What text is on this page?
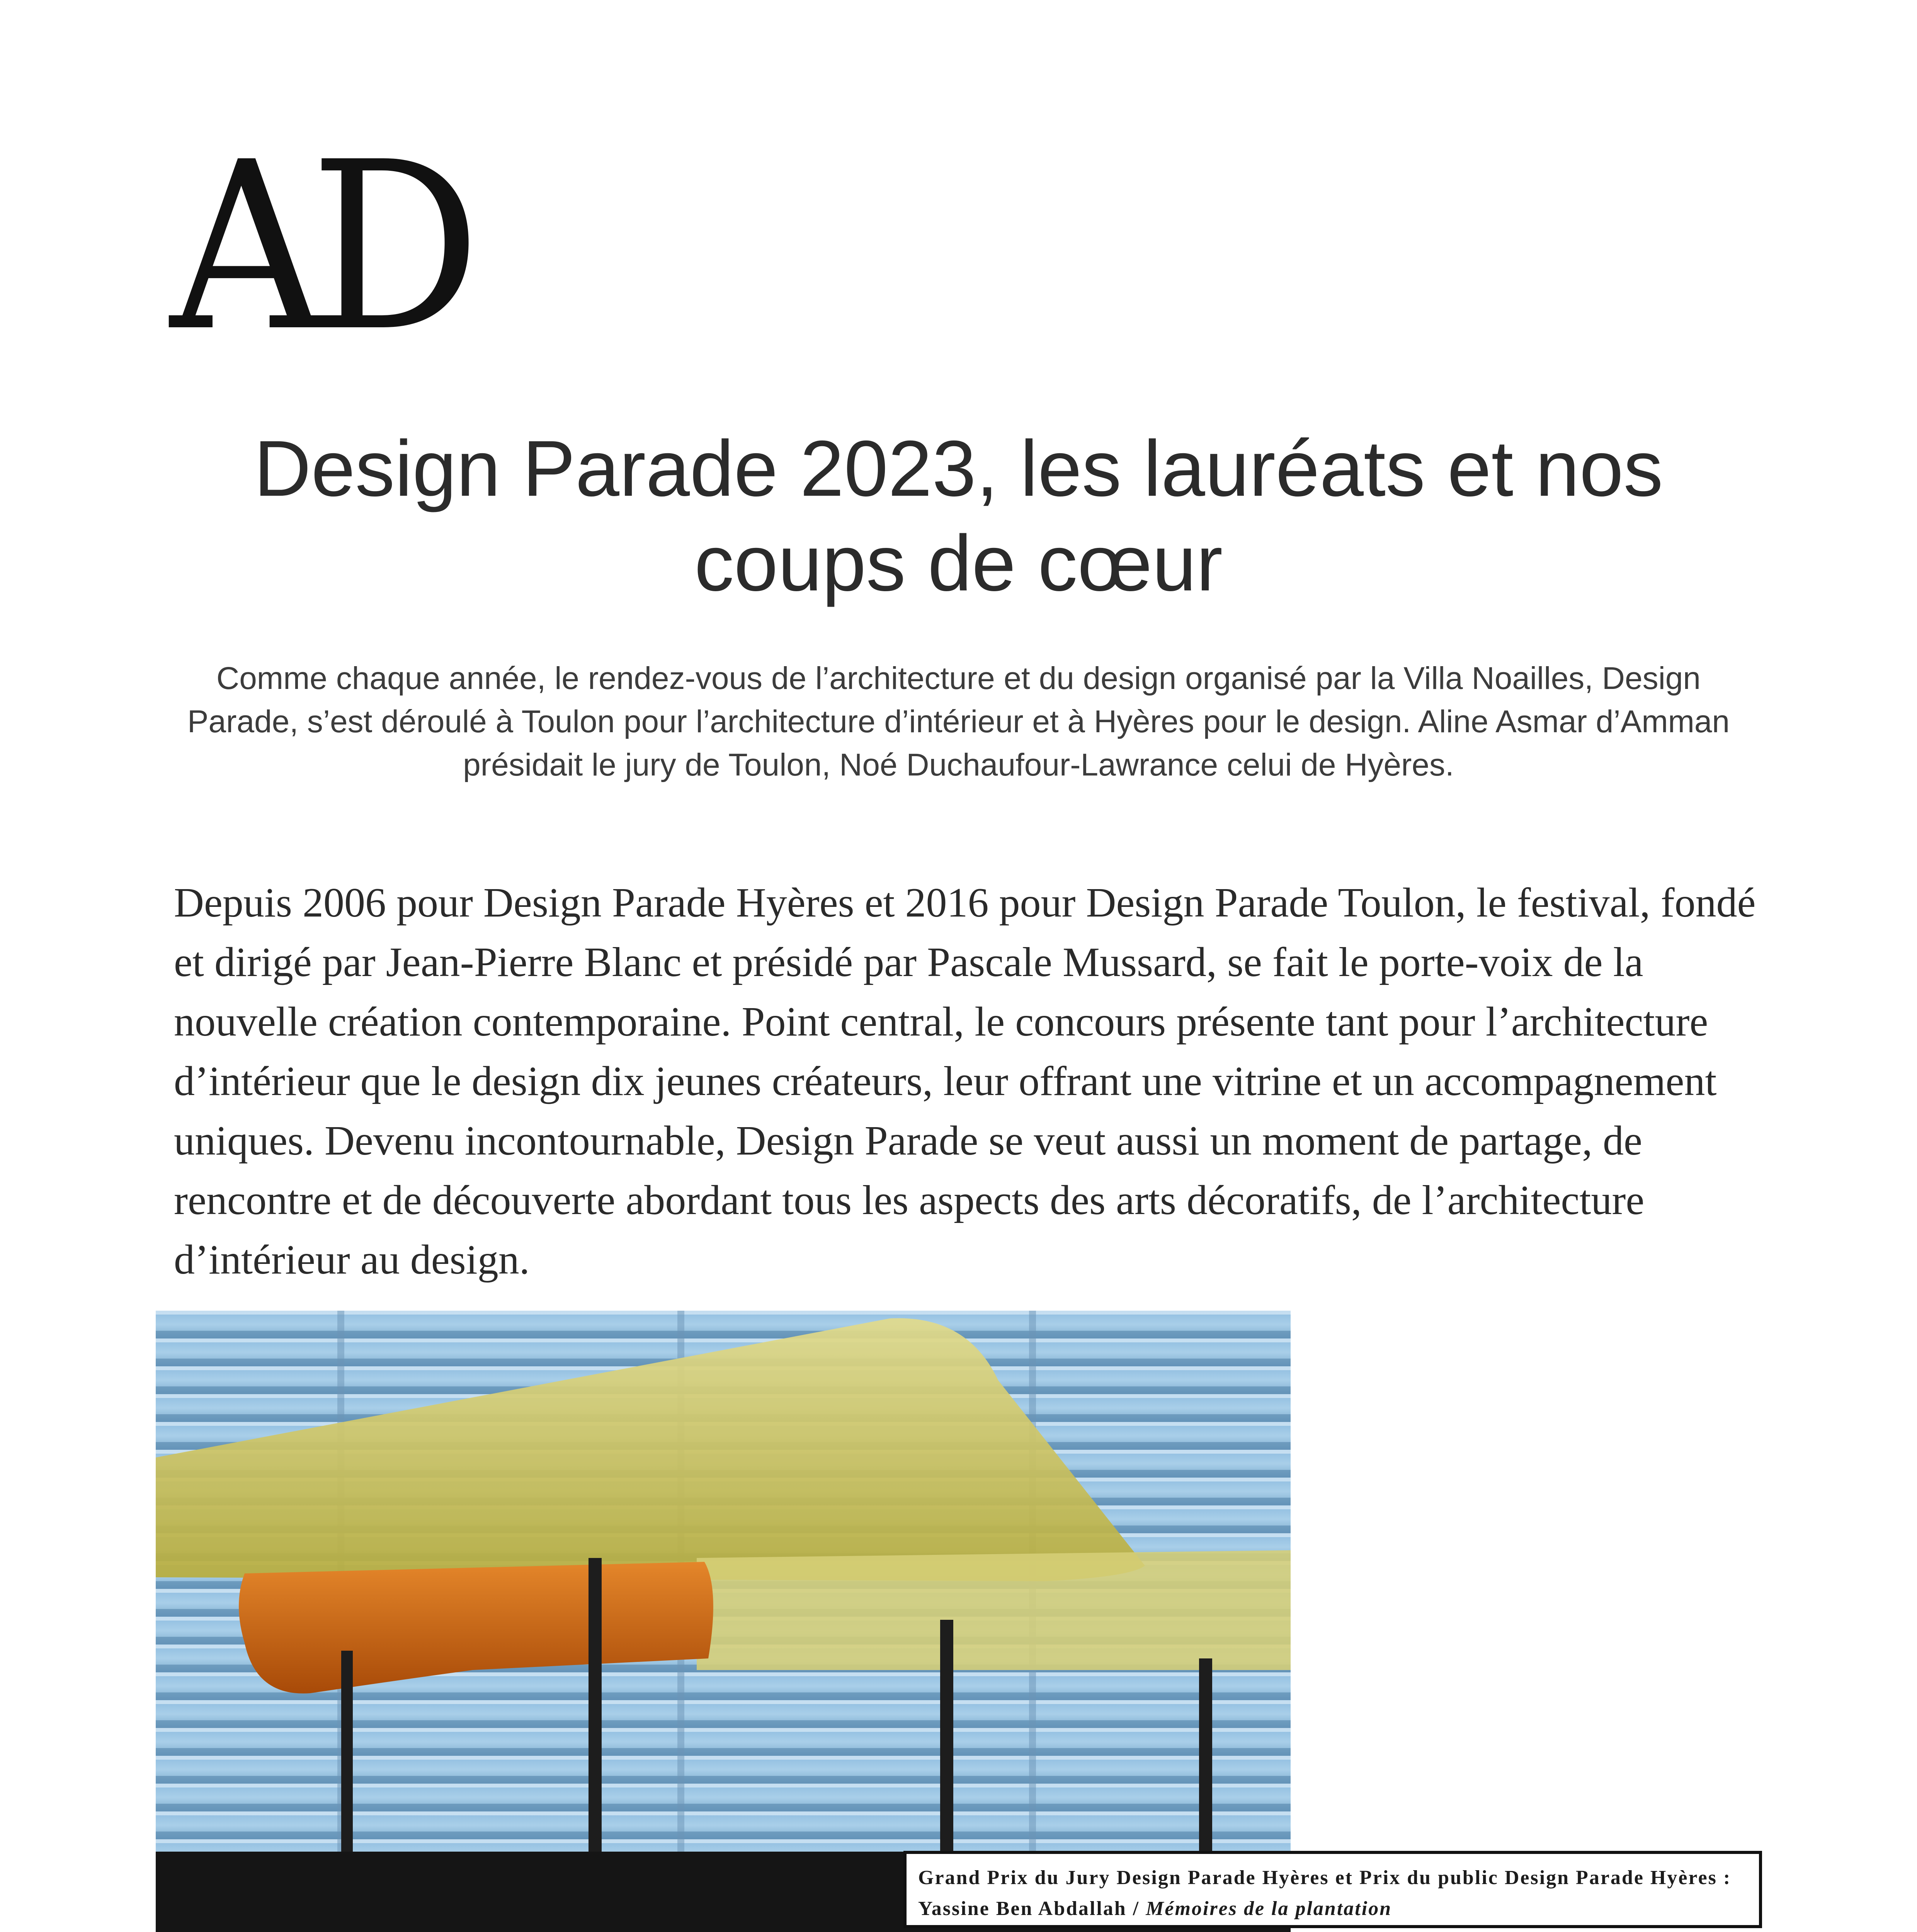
AD
Design Parade 2023, les lauréats et nos coups de cœur

Comme chaque année, le rendez-vous de l’architecture et du design organisé par la Villa Noailles, Design Parade, s’est déroulé à Toulon pour l’architecture d’intérieur et à Hyères pour le design. Aline Asmar d’Amman présidait le jury de Toulon, Noé Duchaufour-Lawrance celui de Hyères.

Depuis 2006 pour Design Parade Hyères et 2016 pour Design Parade Toulon, le festival, fondé et dirigé par Jean-Pierre Blanc et présidé par Pascale Mussard, se fait le porte-voix de la nouvelle création contemporaine. Point central, le concours présente tant pour l’architecture d’intérieur que le design dix jeunes créateurs, leur offrant une vitrine et un accompagnement uniques. Devenu incontournable, Design Parade se veut aussi un moment de partage, de rencontre et de découverte abordant tous les aspects des arts décoratifs, de l’architecture d’intérieur au design.

Grand Prix du Jury Design Parade Hyères et Prix du public Design Parade Hyères : Yassine Ben Abdallah / Mémoires de la plantation
